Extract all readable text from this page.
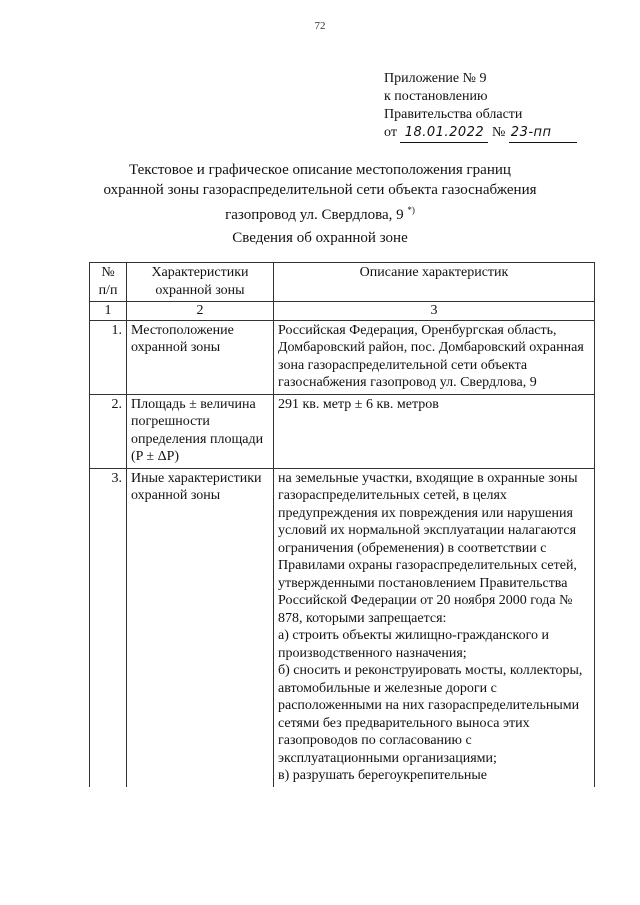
72
Приложение № 9
к постановлению
Правительства области
от 18.01.2022 № 23-пп
Текстовое и графическое описание местоположения границ
охранной зоны газораспределительной сети объекта газоснабжения
газопровод ул. Свердлова, 9 *)
Сведения об охранной зоне
№ п/п	Характеристики охранной зоны	Описание характеристик
1	2	3
1.	Местоположение охранной зоны	Российская Федерация, Оренбургская область, Домбаровский район, пос. Домбаровский охранная зона газораспределительной сети объекта газоснабжения газопровод ул. Свердлова, 9
2.	Площадь ± величина погрешности определения площади (P ± ΔP)	291 кв. метр ± 6 кв. метров
3.	Иные характеристики охранной зоны	на земельные участки, входящие в охранные зоны газораспределительных сетей, в целях предупреждения их повреждения или нарушения условий их нормальной эксплуатации налагаются ограничения (обременения) в соответствии с Правилами охраны газораспределительных сетей, утвержденными постановлением Правительства Российской Федерации от 20 ноября 2000 года № 878, которыми запрещается:
а) строить объекты жилищно-гражданского и производственного назначения;
б) сносить и реконструировать мосты, коллекторы, автомобильные и железные дороги с расположенными на них газораспределительными сетями без предварительного выноса этих газопроводов по согласованию с эксплуатационными организациями;
в) разрушать берегоукрепительные
